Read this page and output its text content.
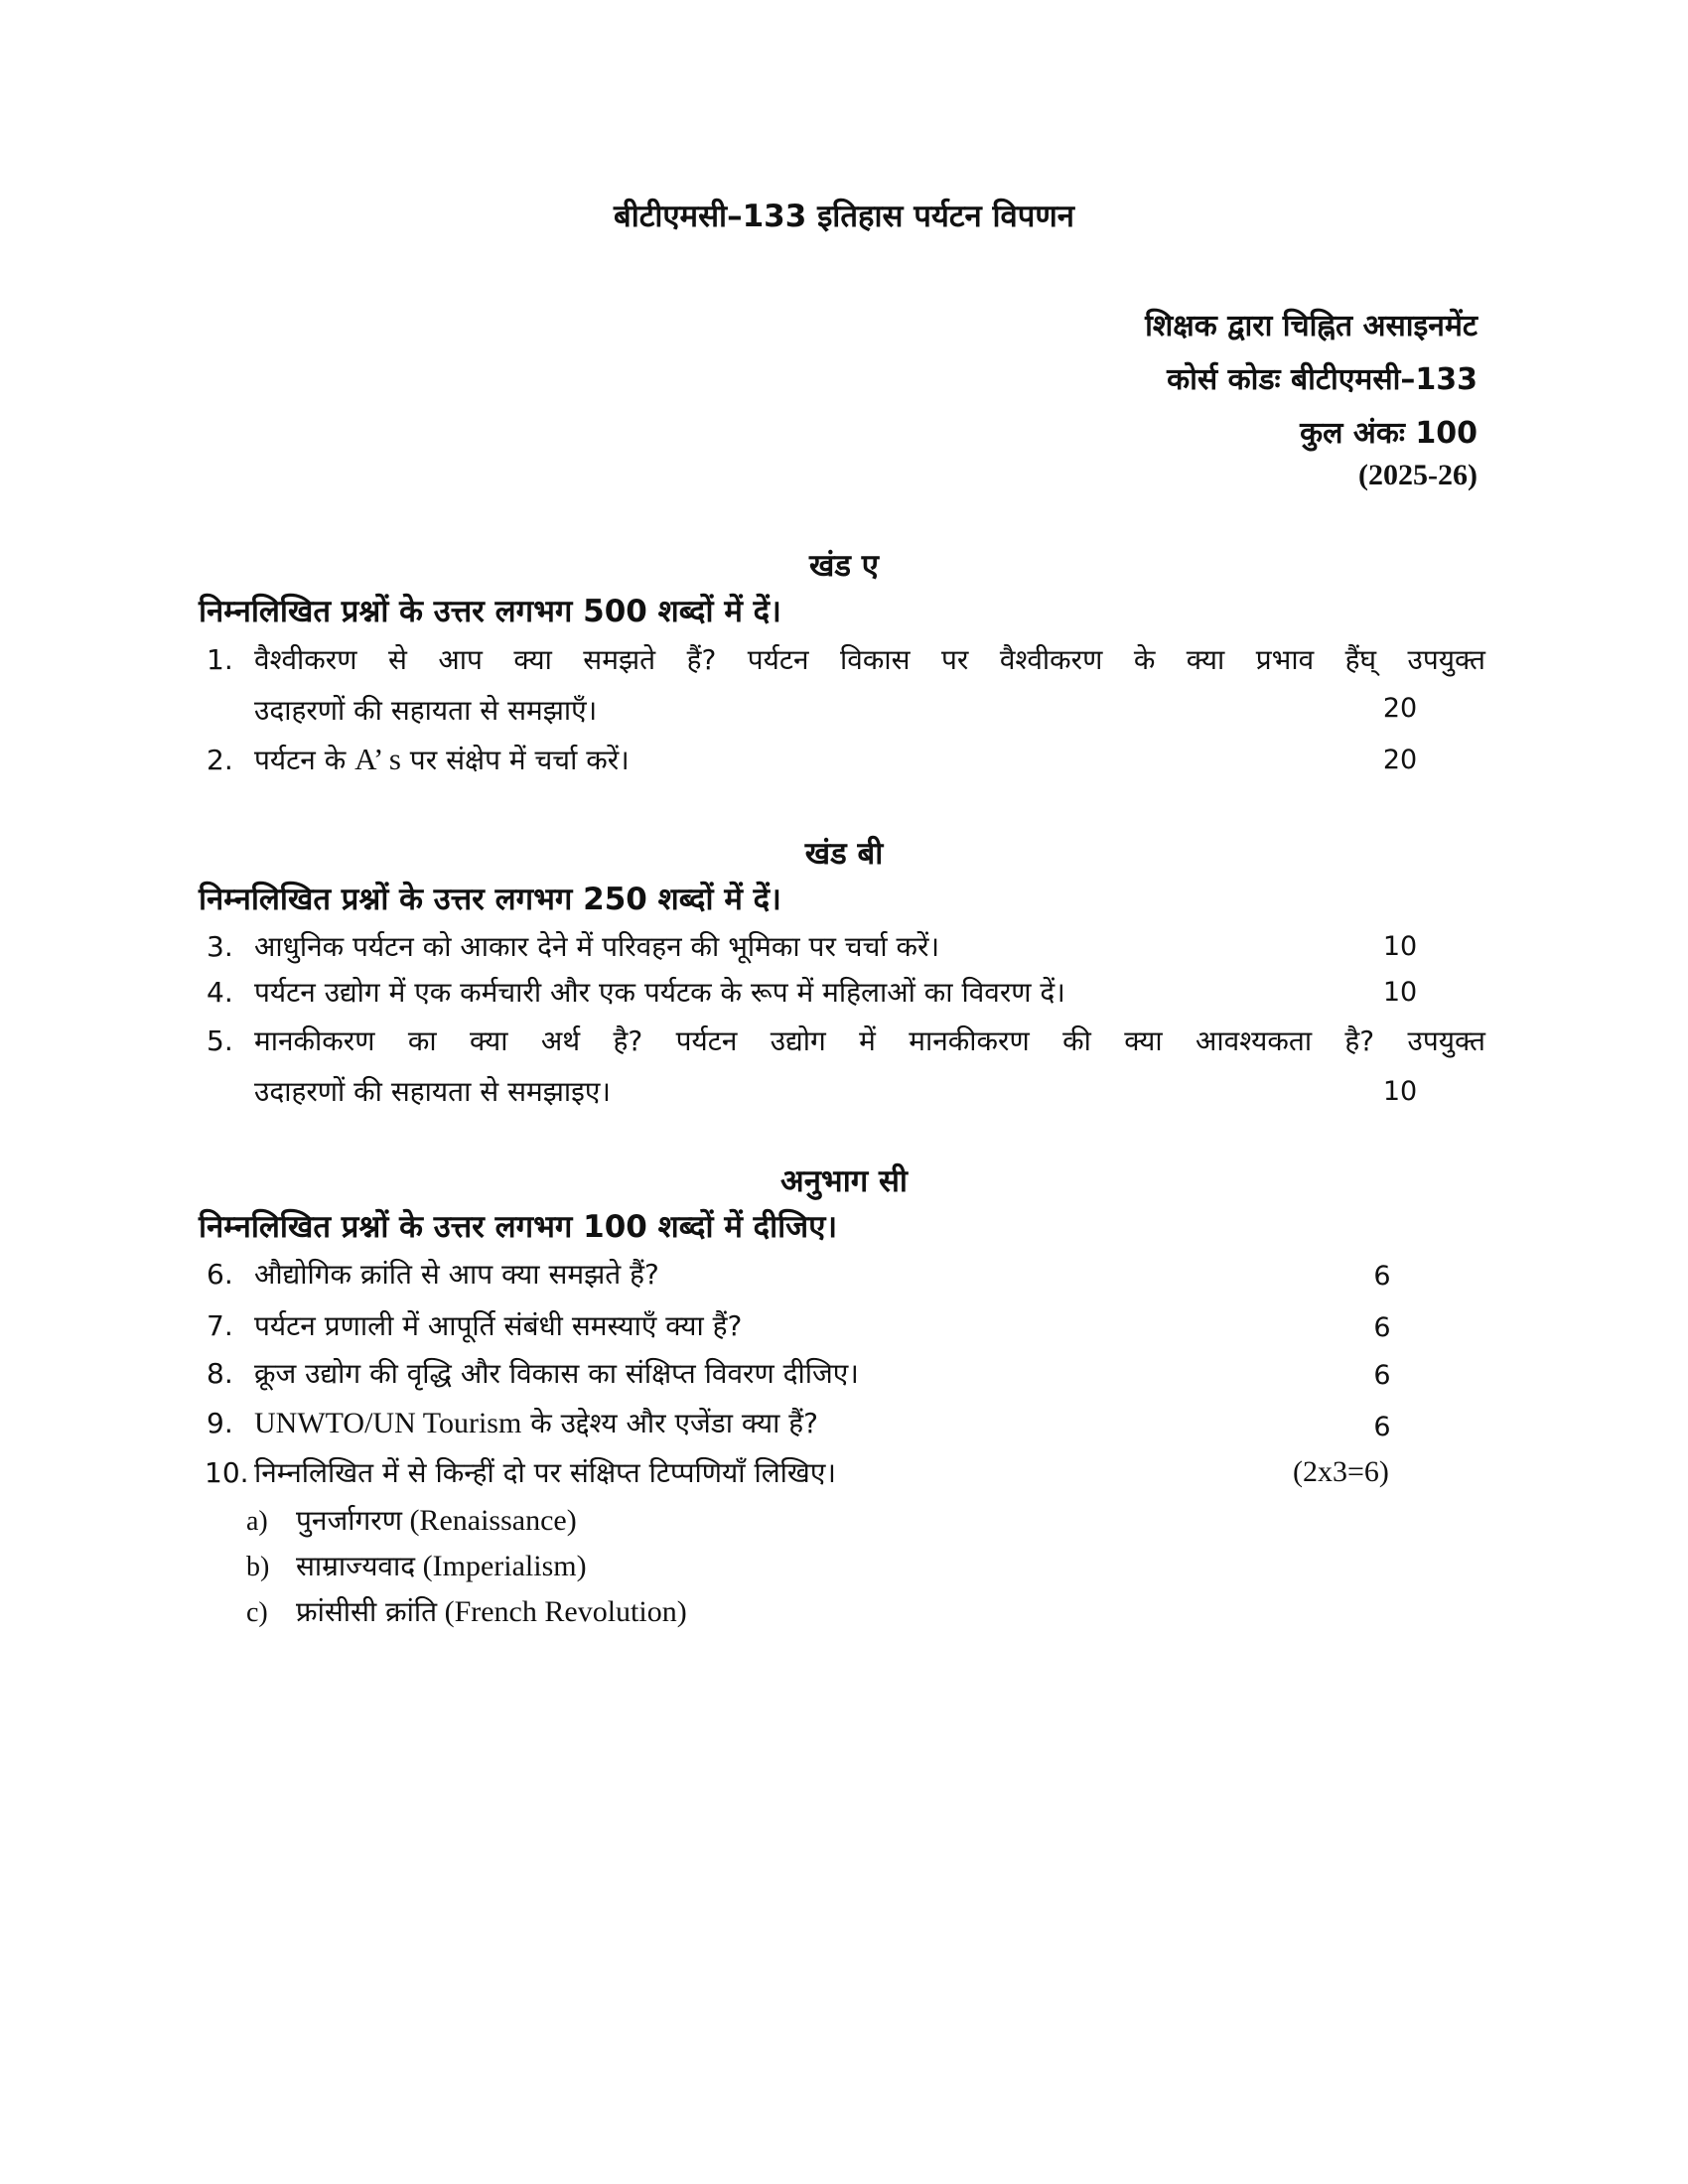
बीटीएमसी–133 इतिहास पर्यटन विपणन
शिक्षक द्वारा चिह्नित असाइनमेंट
कोर्स कोडः बीटीएमसी–133
कुल अंकः 100
(2025-26)
खंड ए
निम्नलिखित प्रश्नों के उत्तर लगभग 500 शब्दों में दें।
1. वैश्वीकरण से आप क्या समझते हैं? पर्यटन विकास पर वैश्वीकरण के क्या प्रभाव हैंघ् उपयुक्त
उदाहरणों की सहायता से समझाएँ।	20
2. पर्यटन के A’ s पर संक्षेप में चर्चा करें।	20
खंड बी
निम्नलिखित प्रश्नों के उत्तर लगभग 250 शब्दों में दें।
3. आधुनिक पर्यटन को आकार देने में परिवहन की भूमिका पर चर्चा करें।	10
4. पर्यटन उद्योग में एक कर्मचारी और एक पर्यटक के रूप में महिलाओं का विवरण दें।	10
5. मानकीकरण का क्या अर्थ है? पर्यटन उद्योग में मानकीकरण की क्या आवश्यकता है? उपयुक्त
उदाहरणों की सहायता से समझाइए।	10
अनुभाग सी
निम्नलिखित प्रश्नों के उत्तर लगभग 100 शब्दों में दीजिए।
6. औद्योगिक क्रांति से आप क्या समझते हैं?	6
7. पर्यटन प्रणाली में आपूर्ति संबंधी समस्याएँ क्या हैं?	6
8. क्रूज उद्योग की वृद्धि और विकास का संक्षिप्त विवरण दीजिए।	6
9. UNWTO/UN Tourism के उद्देश्य और एजेंडा क्या हैं?	6
10. निम्नलिखित में से किन्हीं दो पर संक्षिप्त टिप्पणियाँ लिखिए।	(2x3=6)
a) पुनर्जागरण (Renaissance)
b) साम्राज्यवाद (Imperialism)
c) फ्रांसीसी क्रांति (French Revolution)
